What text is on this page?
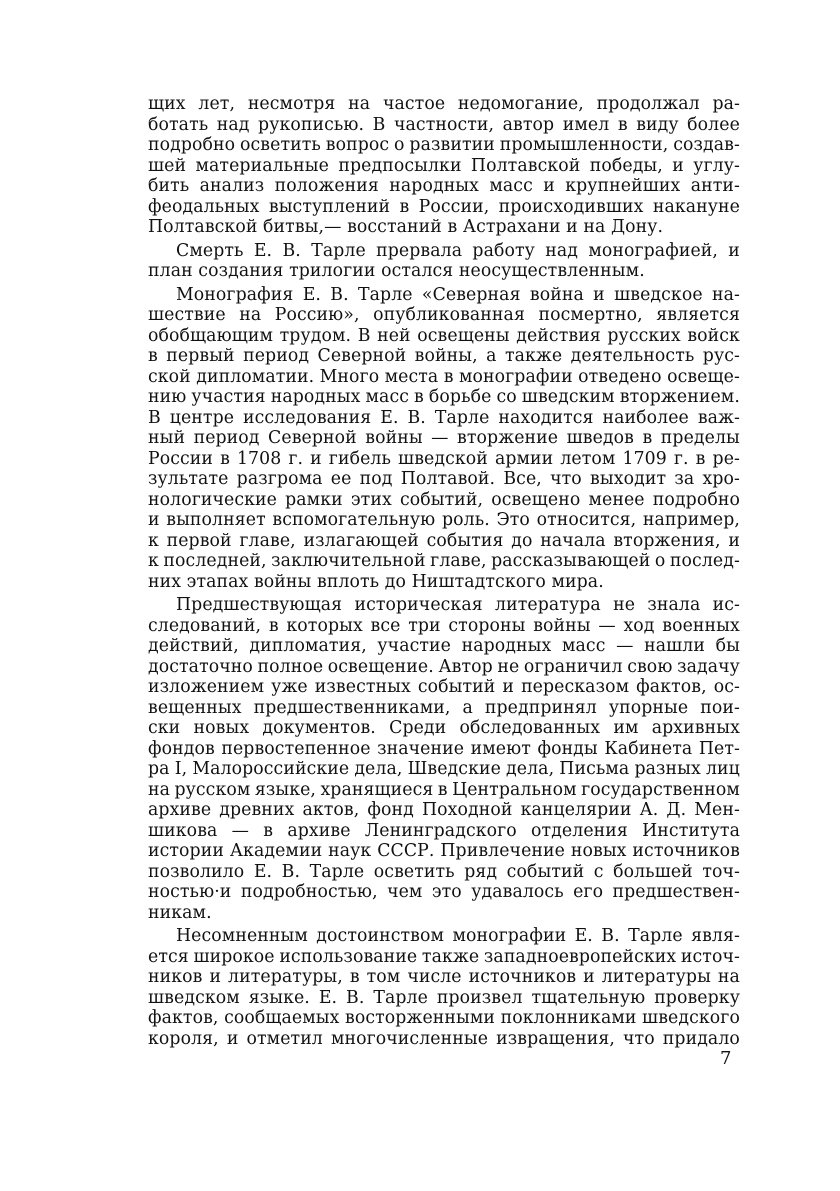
щих лет, несмотря на частое недомогание, продолжал ра-
ботать над рукописью. В частности, автор имел в виду более
подробно осветить вопрос о развитии промышленности, создав-
шей материальные предпосылки Полтавской победы, и углу-
бить анализ положения народных масс и крупнейших анти-
феодальных выступлений в России, происходивших накануне
Полтавской битвы,— восстаний в Астрахани и на Дону.
Смерть Е. В. Тарле прервала работу над монографией, и
план создания трилогии остался неосуществленным.
Монография Е. В. Тарле «Северная война и шведское на-
шествие на Россию», опубликованная посмертно, является
обобщающим трудом. В ней освещены действия русских войск
в первый период Северной войны, а также деятельность рус-
ской дипломатии. Много места в монографии отведено освеще-
нию участия народных масс в борьбе со шведским вторжением.
В центре исследования Е. В. Тарле находится наиболее важ-
ный период Северной войны — вторжение шведов в пределы
России в 1708 г. и гибель шведской армии летом 1709 г. в ре-
зультате разгрома ее под Полтавой. Все, что выходит за хро-
нологические рамки этих событий, освещено менее подробно
и выполняет вспомогательную роль. Это относится, например,
к первой главе, излагающей события до начала вторжения, и
к последней, заключительной главе, рассказывающей о послед-
них этапах войны вплоть до Ништадтского мира.
Предшествующая историческая литература не знала ис-
следований, в которых все три стороны войны — ход военных
действий, дипломатия, участие народных масс — нашли бы
достаточно полное освещение. Автор не ограничил свою задачу
изложением уже известных событий и пересказом фактов, ос-
вещенных предшественниками, а предпринял упорные пои-
ски новых документов. Среди обследованных им архивных
фондов первостепенное значение имеют фонды Кабинета Пет-
ра I, Малороссийские дела, Шведские дела, Письма разных лиц
на русском языке, хранящиеся в Центральном государственном
архиве древних актов, фонд Походной канцелярии А. Д. Мен-
шикова — в архиве Ленинградского отделения Института
истории Академии наук СССР. Привлечение новых источников
позволило Е. В. Тарле осветить ряд событий с большей точ-
ностью·и подробностью, чем это удавалось его предшествен-
никам.
Несомненным достоинством монографии Е. В. Тарле явля-
ется широкое использование также западноевропейских источ-
ников и литературы, в том числе источников и литературы на
шведском языке. Е. В. Тарле произвел тщательную проверку
фактов, сообщаемых восторженными поклонниками шведского
короля, и отметил многочисленные извращения, что придало
7
